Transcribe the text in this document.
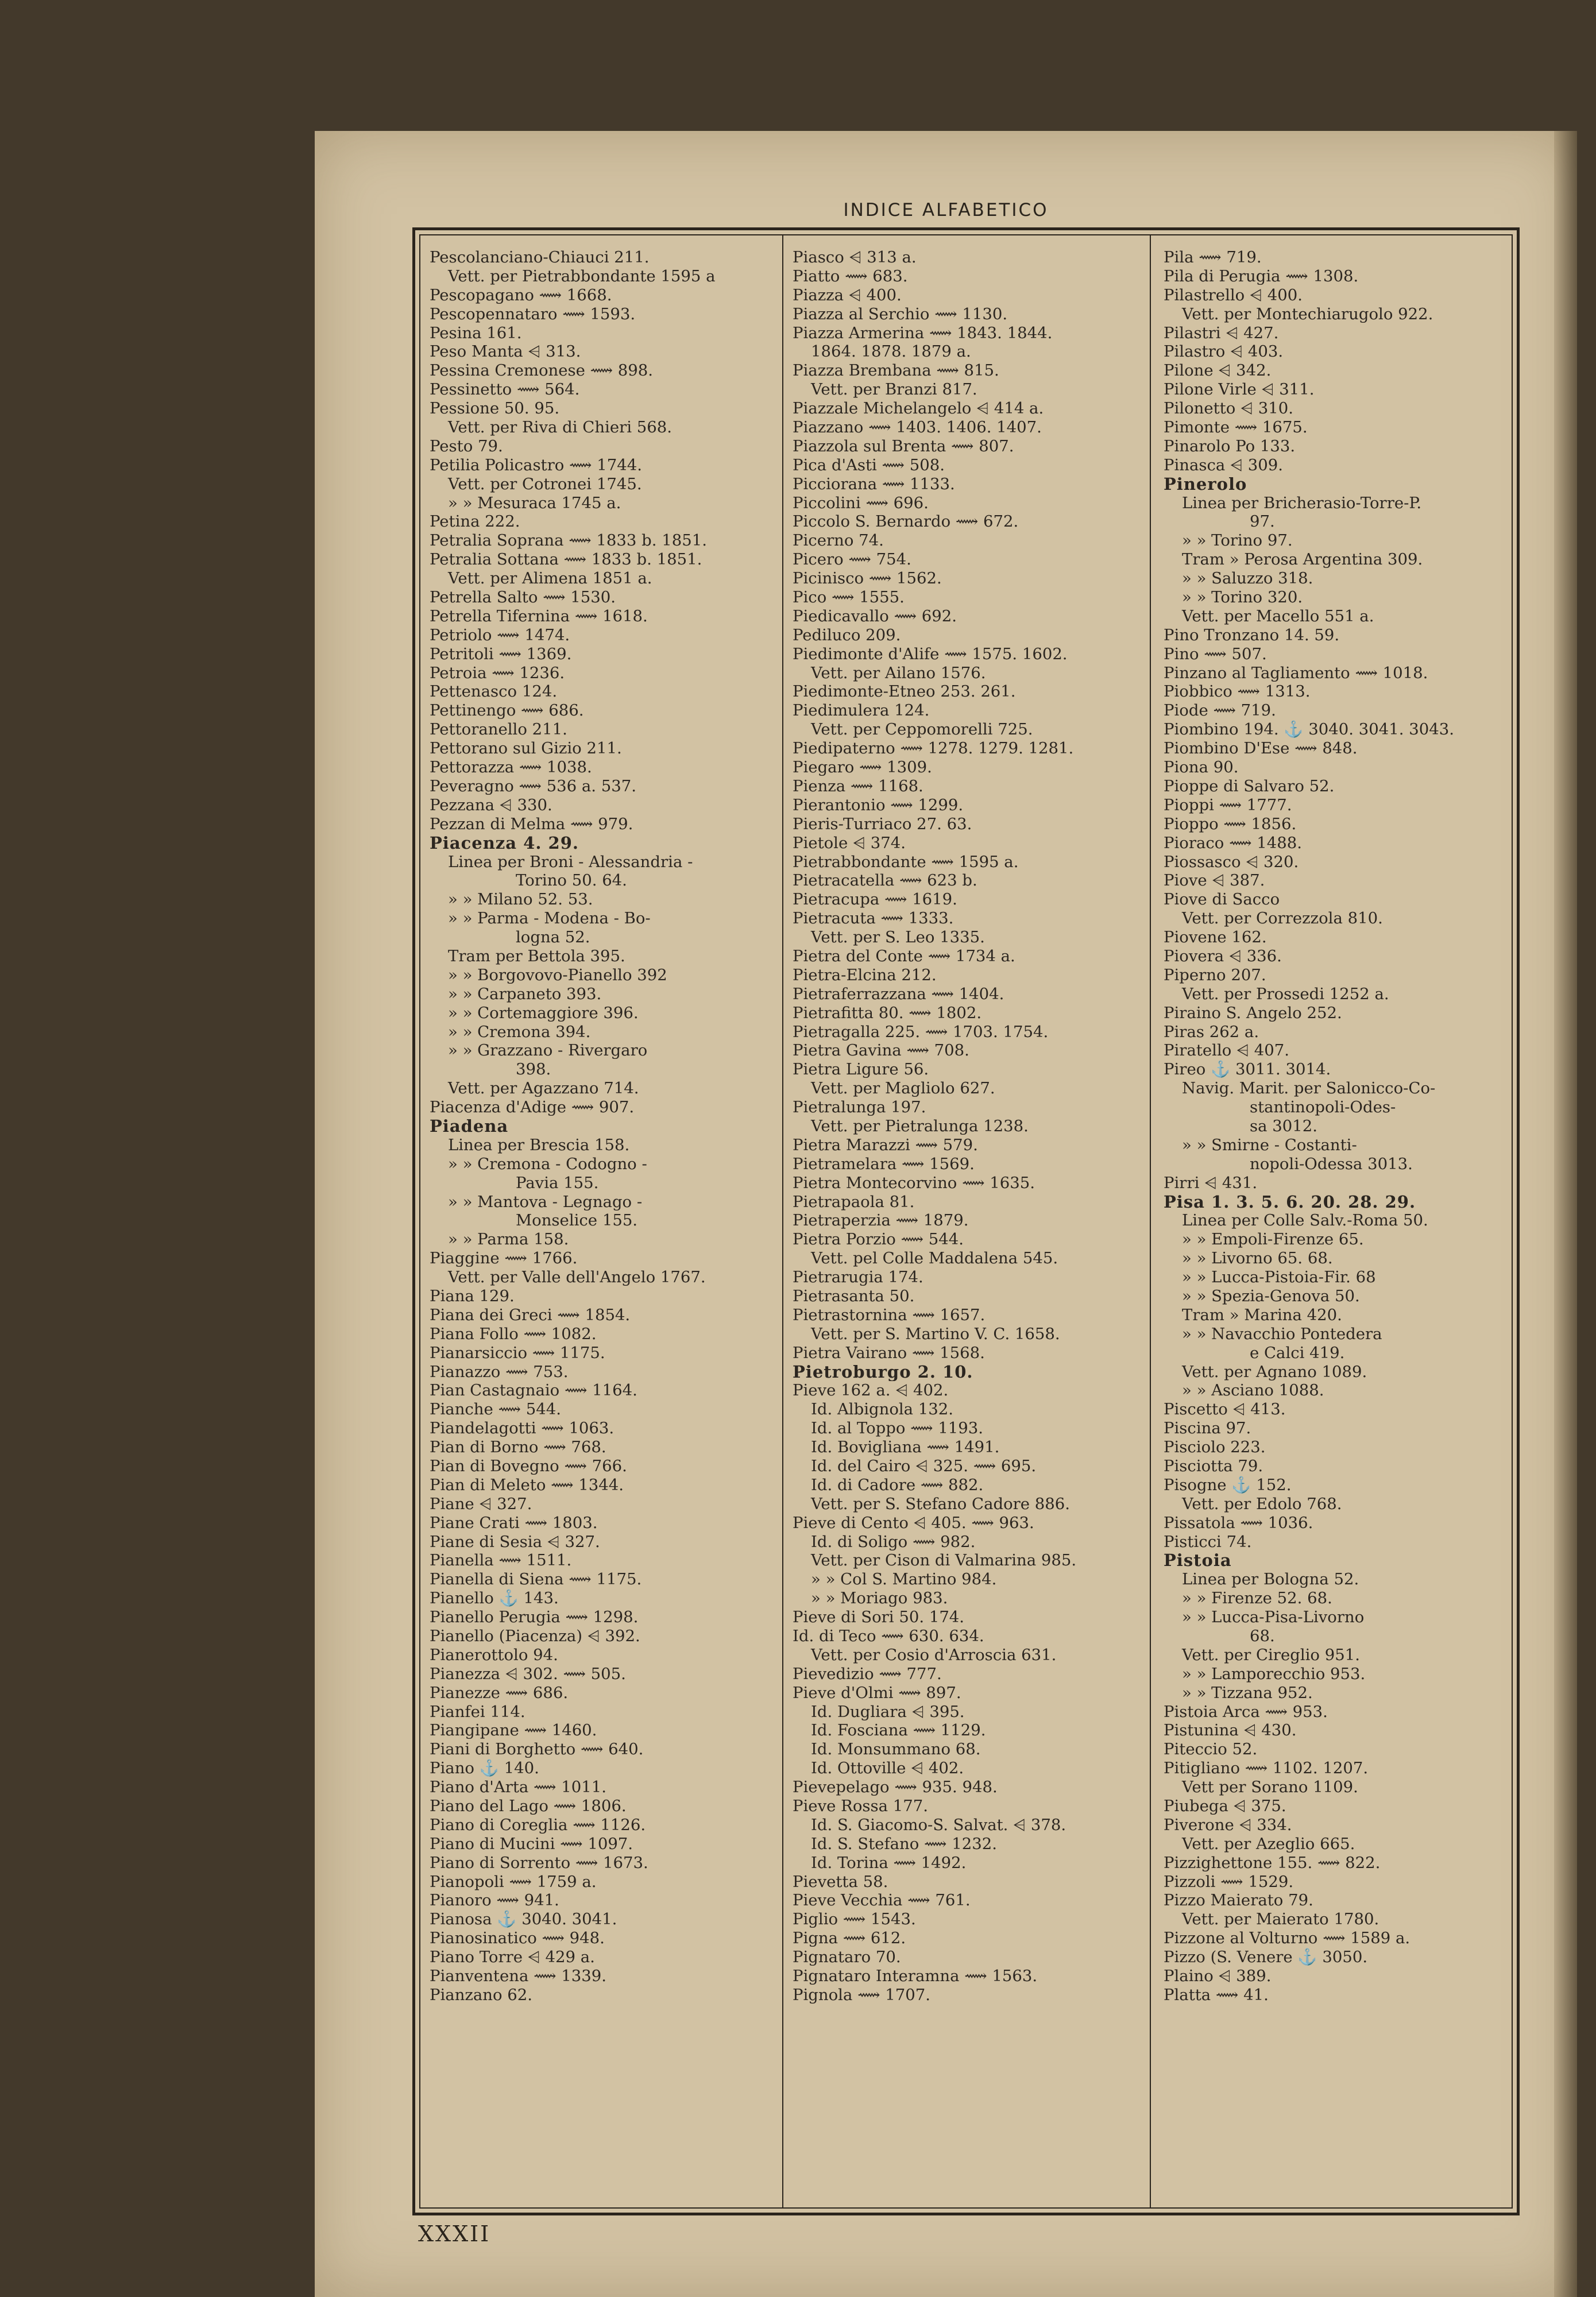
INDICE ALFABETICO
Pescolanciano-Chiauci 211.
Vett. per Pietrabbondante 1595 a
Pescopagano ⟿ 1668.
Pescopennataro ⟿ 1593.
Pesina 161.
Peso Manta ⩤ 313.
Pessina Cremonese ⟿ 898.
Pessinetto ⟿ 564.
Pessione 50. 95.
Vett. per Riva di Chieri 568.
Pesto 79.
Petilia Policastro ⟿ 1744.
Vett. per Cotronei 1745.
» » Mesuraca 1745 a.
Petina 222.
Petralia Soprana ⟿ 1833 b. 1851.
Petralia Sottana ⟿ 1833 b. 1851.
Vett. per Alimena 1851 a.
Petrella Salto ⟿ 1530.
Petrella Tifernina ⟿ 1618.
Petriolo ⟿ 1474.
Petritoli ⟿ 1369.
Petroia ⟿ 1236.
Pettenasco 124.
Pettinengo ⟿ 686.
Pettoranello 211.
Pettorano sul Gizio 211.
Pettorazza ⟿ 1038.
Peveragno ⟿ 536 a. 537.
Pezzana ⩤ 330.
Pezzan di Melma ⟿ 979.
Piacenza 4. 29.
Linea per Broni - Alessandria -
Torino 50. 64.
» » Milano 52. 53.
» » Parma - Modena - Bo-
logna 52.
Tram per Bettola 395.
» » Borgovovo-Pianello 392
» » Carpaneto 393.
» » Cortemaggiore 396.
» » Cremona 394.
» » Grazzano - Rivergaro
398.
Vett. per Agazzano 714.
Piacenza d'Adige ⟿ 907.
Piadena
Linea per Brescia 158.
» » Cremona - Codogno -
Pavia 155.
» » Mantova - Legnago -
Monselice 155.
» » Parma 158.
Piaggine ⟿ 1766.
Vett. per Valle dell'Angelo 1767.
Piana 129.
Piana dei Greci ⟿ 1854.
Piana Follo ⟿ 1082.
Pianarsiccio ⟿ 1175.
Pianazzo ⟿ 753.
Pian Castagnaio ⟿ 1164.
Pianche ⟿ 544.
Piandelagotti ⟿ 1063.
Pian di Borno ⟿ 768.
Pian di Bovegno ⟿ 766.
Pian di Meleto ⟿ 1344.
Piane ⩤ 327.
Piane Crati ⟿ 1803.
Piane di Sesia ⩤ 327.
Pianella ⟿ 1511.
Pianella di Siena ⟿ 1175.
Pianello ⚓ 143.
Pianello Perugia ⟿ 1298.
Pianello (Piacenza) ⩤ 392.
Pianerottolo 94.
Pianezza ⩤ 302. ⟿ 505.
Pianezze ⟿ 686.
Pianfei 114.
Piangipane ⟿ 1460.
Piani di Borghetto ⟿ 640.
Piano ⚓ 140.
Piano d'Arta ⟿ 1011.
Piano del Lago ⟿ 1806.
Piano di Coreglia ⟿ 1126.
Piano di Mucini ⟿ 1097.
Piano di Sorrento ⟿ 1673.
Pianopoli ⟿ 1759 a.
Pianoro ⟿ 941.
Pianosa ⚓ 3040. 3041.
Pianosinatico ⟿ 948.
Piano Torre ⩤ 429 a.
Pianventena ⟿ 1339.
Pianzano 62.
Piasco ⩤ 313 a.
Piatto ⟿ 683.
Piazza ⩤ 400.
Piazza al Serchio ⟿ 1130.
Piazza Armerina ⟿ 1843. 1844.
1864. 1878. 1879 a.
Piazza Brembana ⟿ 815.
Vett. per Branzi 817.
Piazzale Michelangelo ⩤ 414 a.
Piazzano ⟿ 1403. 1406. 1407.
Piazzola sul Brenta ⟿ 807.
Pica d'Asti ⟿ 508.
Picciorana ⟿ 1133.
Piccolini ⟿ 696.
Piccolo S. Bernardo ⟿ 672.
Picerno 74.
Picero ⟿ 754.
Picinisco ⟿ 1562.
Pico ⟿ 1555.
Piedicavallo ⟿ 692.
Pediluco 209.
Piedimonte d'Alife ⟿ 1575. 1602.
Vett. per Ailano 1576.
Piedimonte-Etneo 253. 261.
Piedimulera 124.
Vett. per Ceppomorelli 725.
Piedipaterno ⟿ 1278. 1279. 1281.
Piegaro ⟿ 1309.
Pienza ⟿ 1168.
Pierantonio ⟿ 1299.
Pieris-Turriaco 27. 63.
Pietole ⩤ 374.
Pietrabbondante ⟿ 1595 a.
Pietracatella ⟿ 623 b.
Pietracupa ⟿ 1619.
Pietracuta ⟿ 1333.
Vett. per S. Leo 1335.
Pietra del Conte ⟿ 1734 a.
Pietra-Elcina 212.
Pietraferrazzana ⟿ 1404.
Pietrafitta 80. ⟿ 1802.
Pietragalla 225. ⟿ 1703. 1754.
Pietra Gavina ⟿ 708.
Pietra Ligure 56.
Vett. per Magliolo 627.
Pietralunga 197.
Vett. per Pietralunga 1238.
Pietra Marazzi ⟿ 579.
Pietramelara ⟿ 1569.
Pietra Montecorvino ⟿ 1635.
Pietrapaola 81.
Pietraperzia ⟿ 1879.
Pietra Porzio ⟿ 544.
Vett. pel Colle Maddalena 545.
Pietrarugia 174.
Pietrasanta 50.
Pietrastornina ⟿ 1657.
Vett. per S. Martino V. C. 1658.
Pietra Vairano ⟿ 1568.
Pietroburgo 2. 10.
Pieve 162 a. ⩤ 402.
Id. Albignola 132.
Id. al Toppo ⟿ 1193.
Id. Bovigliana ⟿ 1491.
Id. del Cairo ⩤ 325. ⟿ 695.
Id. di Cadore ⟿ 882.
Vett. per S. Stefano Cadore 886.
Pieve di Cento ⩤ 405. ⟿ 963.
Id. di Soligo ⟿ 982.
Vett. per Cison di Valmarina 985.
» » Col S. Martino 984.
» » Moriago 983.
Pieve di Sori 50. 174.
Id. di Teco ⟿ 630. 634.
Vett. per Cosio d'Arroscia 631.
Pievedizio ⟿ 777.
Pieve d'Olmi ⟿ 897.
Id. Dugliara ⩤ 395.
Id. Fosciana ⟿ 1129.
Id. Monsummano 68.
Id. Ottoville ⩤ 402.
Pievepelago ⟿ 935. 948.
Pieve Rossa 177.
Id. S. Giacomo-S. Salvat. ⩤ 378.
Id. S. Stefano ⟿ 1232.
Id. Torina ⟿ 1492.
Pievetta 58.
Pieve Vecchia ⟿ 761.
Piglio ⟿ 1543.
Pigna ⟿ 612.
Pignataro 70.
Pignataro Interamna ⟿ 1563.
Pignola ⟿ 1707.
Pila ⟿ 719.
Pila di Perugia ⟿ 1308.
Pilastrello ⩤ 400.
Vett. per Montechiarugolo 922.
Pilastri ⩤ 427.
Pilastro ⩤ 403.
Pilone ⩤ 342.
Pilone Virle ⩤ 311.
Pilonetto ⩤ 310.
Pimonte ⟿ 1675.
Pinarolo Po 133.
Pinasca ⩤ 309.
Pinerolo
Linea per Bricherasio-Torre-P.
97.
» » Torino 97.
Tram » Perosa Argentina 309.
» » Saluzzo 318.
» » Torino 320.
Vett. per Macello 551 a.
Pino Tronzano 14. 59.
Pino ⟿ 507.
Pinzano al Tagliamento ⟿ 1018.
Piobbico ⟿ 1313.
Piode ⟿ 719.
Piombino 194. ⚓ 3040. 3041. 3043.
Piombino D'Ese ⟿ 848.
Piona 90.
Pioppe di Salvaro 52.
Pioppi ⟿ 1777.
Pioppo ⟿ 1856.
Pioraco ⟿ 1488.
Piossasco ⩤ 320.
Piove ⩤ 387.
Piove di Sacco
Vett. per Correzzola 810.
Piovene 162.
Piovera ⩤ 336.
Piperno 207.
Vett. per Prossedi 1252 a.
Piraino S. Angelo 252.
Piras 262 a.
Piratello ⩤ 407.
Pireo ⚓ 3011. 3014.
Navig. Marit. per Salonicco-Co-
stantinopoli-Odes-
sa 3012.
» » Smirne - Costanti-
nopoli-Odessa 3013.
Pirri ⩤ 431.
Pisa 1. 3. 5. 6. 20. 28. 29.
Linea per Colle Salv.-Roma 50.
» » Empoli-Firenze 65.
» » Livorno 65. 68.
» » Lucca-Pistoia-Fir. 68
» » Spezia-Genova 50.
Tram » Marina 420.
» » Navacchio Pontedera
e Calci 419.
Vett. per Agnano 1089.
» » Asciano 1088.
Piscetto ⩤ 413.
Piscina 97.
Pisciolo 223.
Pisciotta 79.
Pisogne ⚓ 152.
Vett. per Edolo 768.
Pissatola ⟿ 1036.
Pisticci 74.
Pistoia
Linea per Bologna 52.
» » Firenze 52. 68.
» » Lucca-Pisa-Livorno
68.
Vett. per Cireglio 951.
» » Lamporecchio 953.
» » Tizzana 952.
Pistoia Arca ⟿ 953.
Pistunina ⩤ 430.
Piteccio 52.
Pitigliano ⟿ 1102. 1207.
Vett per Sorano 1109.
Piubega ⩤ 375.
Piverone ⩤ 334.
Vett. per Azeglio 665.
Pizzighettone 155. ⟿ 822.
Pizzoli ⟿ 1529.
Pizzo Maierato 79.
Vett. per Maierato 1780.
Pizzone al Volturno ⟿ 1589 a.
Pizzo (S. Venere ⚓ 3050.
Plaino ⩤ 389.
Platta ⟿ 41.
XXXII
